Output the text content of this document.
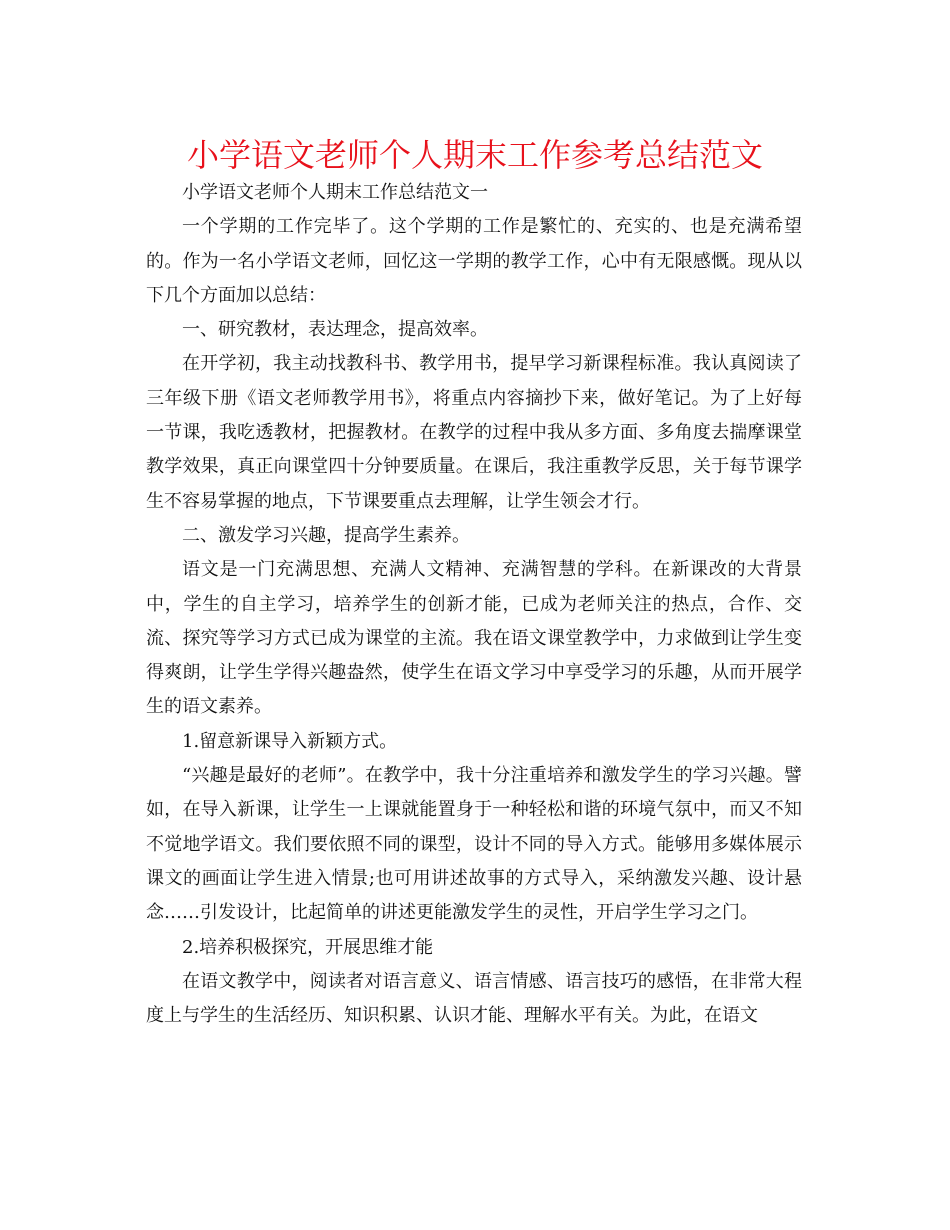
小学语文老师个人期末工作参考总结范文

小学语文老师个人期末工作总结范文一

一个学期的工作完毕了。这个学期的工作是繁忙的、充实的、也是充满希望的。作为一名小学语文老师，回忆这一学期的教学工作，心中有无限感慨。现从以下几个方面加以总结：

一、研究教材，表达理念，提高效率。

在开学初，我主动找教科书、教学用书，提早学习新课程标准。我认真阅读了三年级下册《语文老师教学用书》，将重点内容摘抄下来，做好笔记。为了上好每一节课，我吃透教材，把握教材。在教学的过程中我从多方面、多角度去揣摩课堂教学效果，真正向课堂四十分钟要质量。在课后，我注重教学反思，关于每节课学生不容易掌握的地点，下节课要重点去理解，让学生领会才行。

二、激发学习兴趣，提高学生素养。

语文是一门充满思想、充满人文精神、充满智慧的学科。在新课改的大背景中，学生的自主学习，培养学生的创新才能，已成为老师关注的热点，合作、交流、探究等学习方式已成为课堂的主流。我在语文课堂教学中，力求做到让学生变得爽朗，让学生学得兴趣盎然，使学生在语文学习中享受学习的乐趣，从而开展学生的语文素养。

1.留意新课导入新颖方式。

“兴趣是最好的老师”。在教学中，我十分注重培养和激发学生的学习兴趣。譬如，在导入新课，让学生一上课就能置身于一种轻松和谐的环境气氛中，而又不知不觉地学语文。我们要依照不同的课型，设计不同的导入方式。能够用多媒体展示课文的画面让学生进入情景;也可用讲述故事的方式导入，采纳激发兴趣、设计悬念……引发设计，比起简单的讲述更能激发学生的灵性，开启学生学习之门。

2.培养积极探究，开展思维才能

在语文教学中，阅读者对语言意义、语言情感、语言技巧的感悟，在非常大程度上与学生的生活经历、知识积累、认识才能、理解水平有关。为此，在语文
